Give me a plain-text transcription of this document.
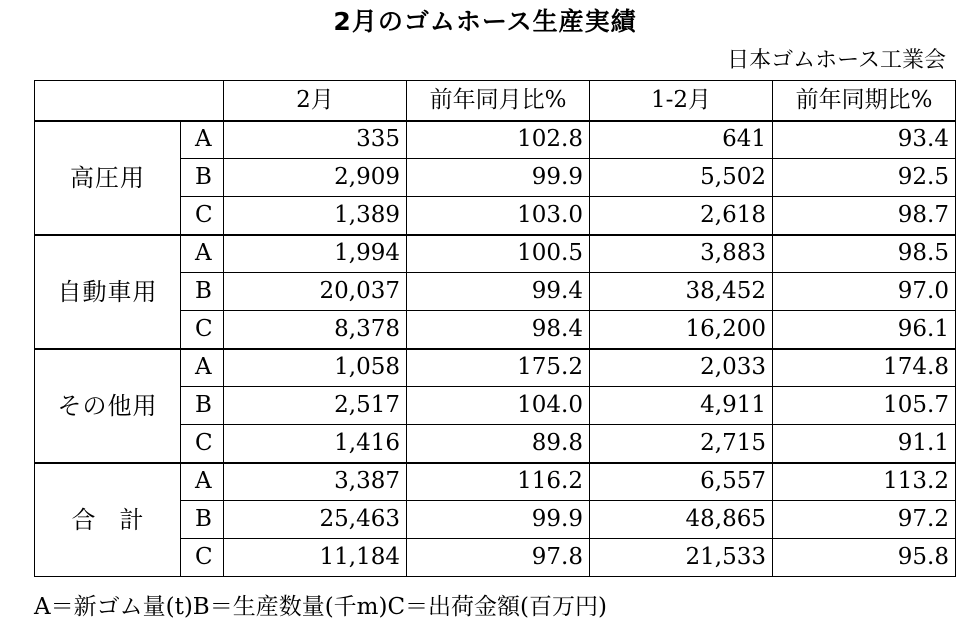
2月のゴムホース生産実績
日本ゴムホース工業会
		2月	前年同月比%	1-2月	前年同期比%
高圧用	A	335	102.8	641	93.4
	B	2,909	99.9	5,502	92.5
	C	1,389	103.0	2,618	98.7
自動車用	A	1,994	100.5	3,883	98.5
	B	20,037	99.4	38,452	97.0
	C	8,378	98.4	16,200	96.1
その他用	A	1,058	175.2	2,033	174.8
	B	2,517	104.0	4,911	105.7
	C	1,416	89.8	2,715	91.1
合　計	A	3,387	116.2	6,557	113.2
	B	25,463	99.9	48,865	97.2
	C	11,184	97.8	21,533	95.8
A＝新ゴム量(t)B＝生産数量(千m)C＝出荷金額(百万円)
